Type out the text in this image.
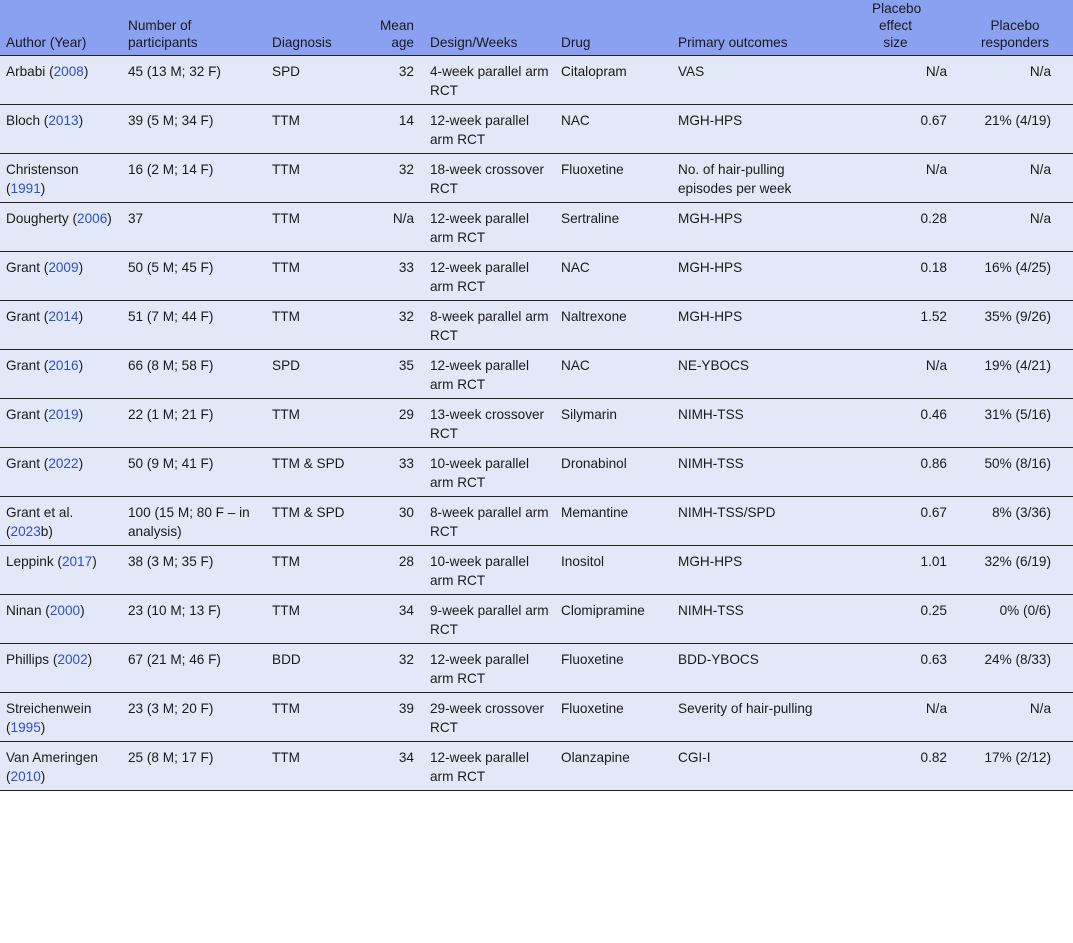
Author (Year)	Number of participants	Diagnosis	Mean age	Design/Weeks	Drug	Primary outcomes	Placebo effect size	Placebo responders
Arbabi (2008)	45 (13 M; 32 F)	SPD	32	4-week parallel arm RCT	Citalopram	VAS	N/a	N/a
Bloch (2013)	39 (5 M; 34 F)	TTM	14	12-week parallel arm RCT	NAC	MGH-HPS	0.67	21% (4/19)
Christenson (1991)	16 (2 M; 14 F)	TTM	32	18-week crossover RCT	Fluoxetine	No. of hair-pulling episodes per week	N/a	N/a
Dougherty (2006)	37	TTM	N/a	12-week parallel arm RCT	Sertraline	MGH-HPS	0.28	N/a
Grant (2009)	50 (5 M; 45 F)	TTM	33	12-week parallel arm RCT	NAC	MGH-HPS	0.18	16% (4/25)
Grant (2014)	51 (7 M; 44 F)	TTM	32	8-week parallel arm RCT	Naltrexone	MGH-HPS	1.52	35% (9/26)
Grant (2016)	66 (8 M; 58 F)	SPD	35	12-week parallel arm RCT	NAC	NE-YBOCS	N/a	19% (4/21)
Grant (2019)	22 (1 M; 21 F)	TTM	29	13-week crossover RCT	Silymarin	NIMH-TSS	0.46	31% (5/16)
Grant (2022)	50 (9 M; 41 F)	TTM & SPD	33	10-week parallel arm RCT	Dronabinol	NIMH-TSS	0.86	50% (8/16)
Grant et al. (2023b)	100 (15 M; 80 F – in analysis)	TTM & SPD	30	8-week parallel arm RCT	Memantine	NIMH-TSS/SPD	0.67	8% (3/36)
Leppink (2017)	38 (3 M; 35 F)	TTM	28	10-week parallel arm RCT	Inositol	MGH-HPS	1.01	32% (6/19)
Ninan (2000)	23 (10 M; 13 F)	TTM	34	9-week parallel arm RCT	Clomipramine	NIMH-TSS	0.25	0% (0/6)
Phillips (2002)	67 (21 M; 46 F)	BDD	32	12-week parallel arm RCT	Fluoxetine	BDD-YBOCS	0.63	24% (8/33)
Streichenwein (1995)	23 (3 M; 20 F)	TTM	39	29-week crossover RCT	Fluoxetine	Severity of hair-pulling	N/a	N/a
Van Ameringen (2010)	25 (8 M; 17 F)	TTM	34	12-week parallel arm RCT	Olanzapine	CGI-I	0.82	17% (2/12)
